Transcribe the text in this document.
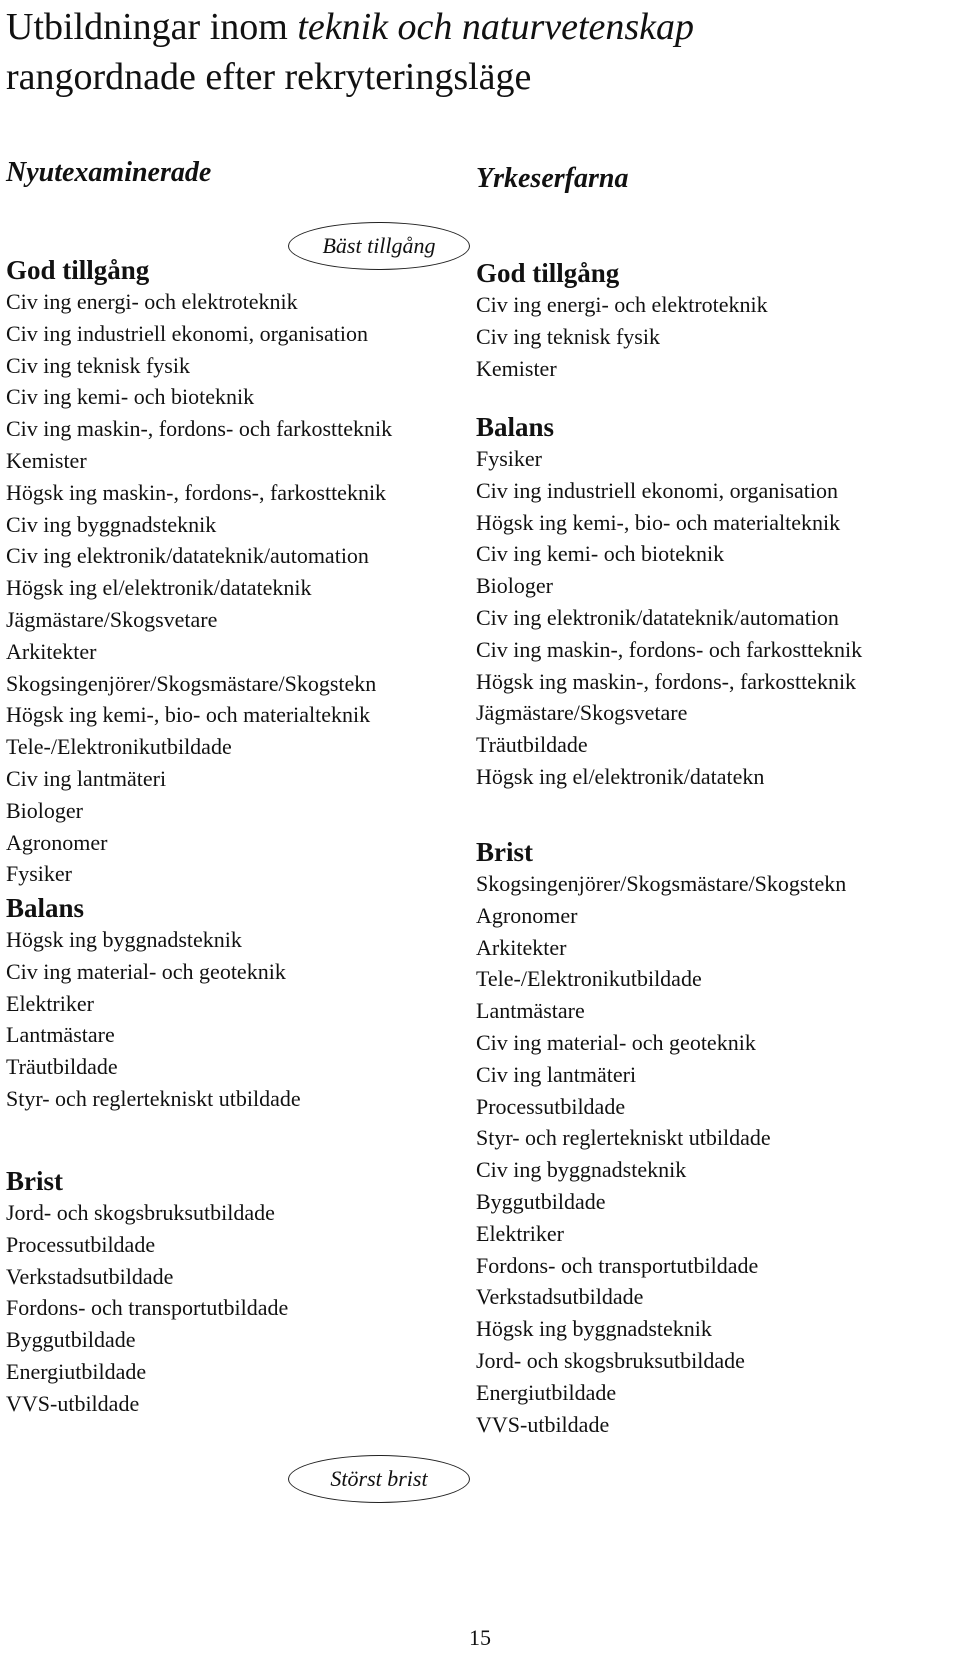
Utbildningar inom teknik och naturvetenskap
rangordnade efter rekryteringsläge
Nyutexaminerade	Yrkeserfarna
Bäst tillgång
God tillgång
Civ ing energi- och elektroteknik
Civ ing industriell ekonomi, organisation
Civ ing teknisk fysik
Civ ing kemi- och bioteknik
Civ ing maskin-, fordons- och farkostteknik
Kemister
Högsk ing maskin-, fordons-, farkostteknik
Civ ing byggnadsteknik
Civ ing elektronik/datateknik/automation
Högsk ing el/elektronik/datateknik
Jägmästare/Skogsvetare
Arkitekter
Skogsingenjörer/Skogsmästare/Skogstekn
Högsk ing kemi-, bio- och materialteknik
Tele-/Elektronikutbildade
Civ ing lantmäteri
Biologer
Agronomer
Fysiker
Balans
Högsk ing byggnadsteknik
Civ ing material- och geoteknik
Elektriker
Lantmästare
Träutbildade
Styr- och reglertekniskt utbildade
Brist
Jord- och skogsbruksutbildade
Processutbildade
Verkstadsutbildade
Fordons- och transportutbildade
Byggutbildade
Energiutbildade
VVS-utbildade
God tillgång
Civ ing energi- och elektroteknik
Civ ing teknisk fysik
Kemister
Balans
Fysiker
Civ ing industriell ekonomi, organisation
Högsk ing kemi-, bio- och materialteknik
Civ ing kemi- och bioteknik
Biologer
Civ ing elektronik/datateknik/automation
Civ ing maskin-, fordons- och farkostteknik
Högsk ing maskin-, fordons-, farkostteknik
Jägmästare/Skogsvetare
Träutbildade
Högsk ing el/elektronik/datatekn
Brist
Skogsingenjörer/Skogsmästare/Skogstekn
Agronomer
Arkitekter
Tele-/Elektronikutbildade
Lantmästare
Civ ing material- och geoteknik
Civ ing lantmäteri
Processutbildade
Styr- och reglertekniskt utbildade
Civ ing byggnadsteknik
Byggutbildade
Elektriker
Fordons- och transportutbildade
Verkstadsutbildade
Högsk ing byggnadsteknik
Jord- och skogsbruksutbildade
Energiutbildade
VVS-utbildade
Störst brist
15
